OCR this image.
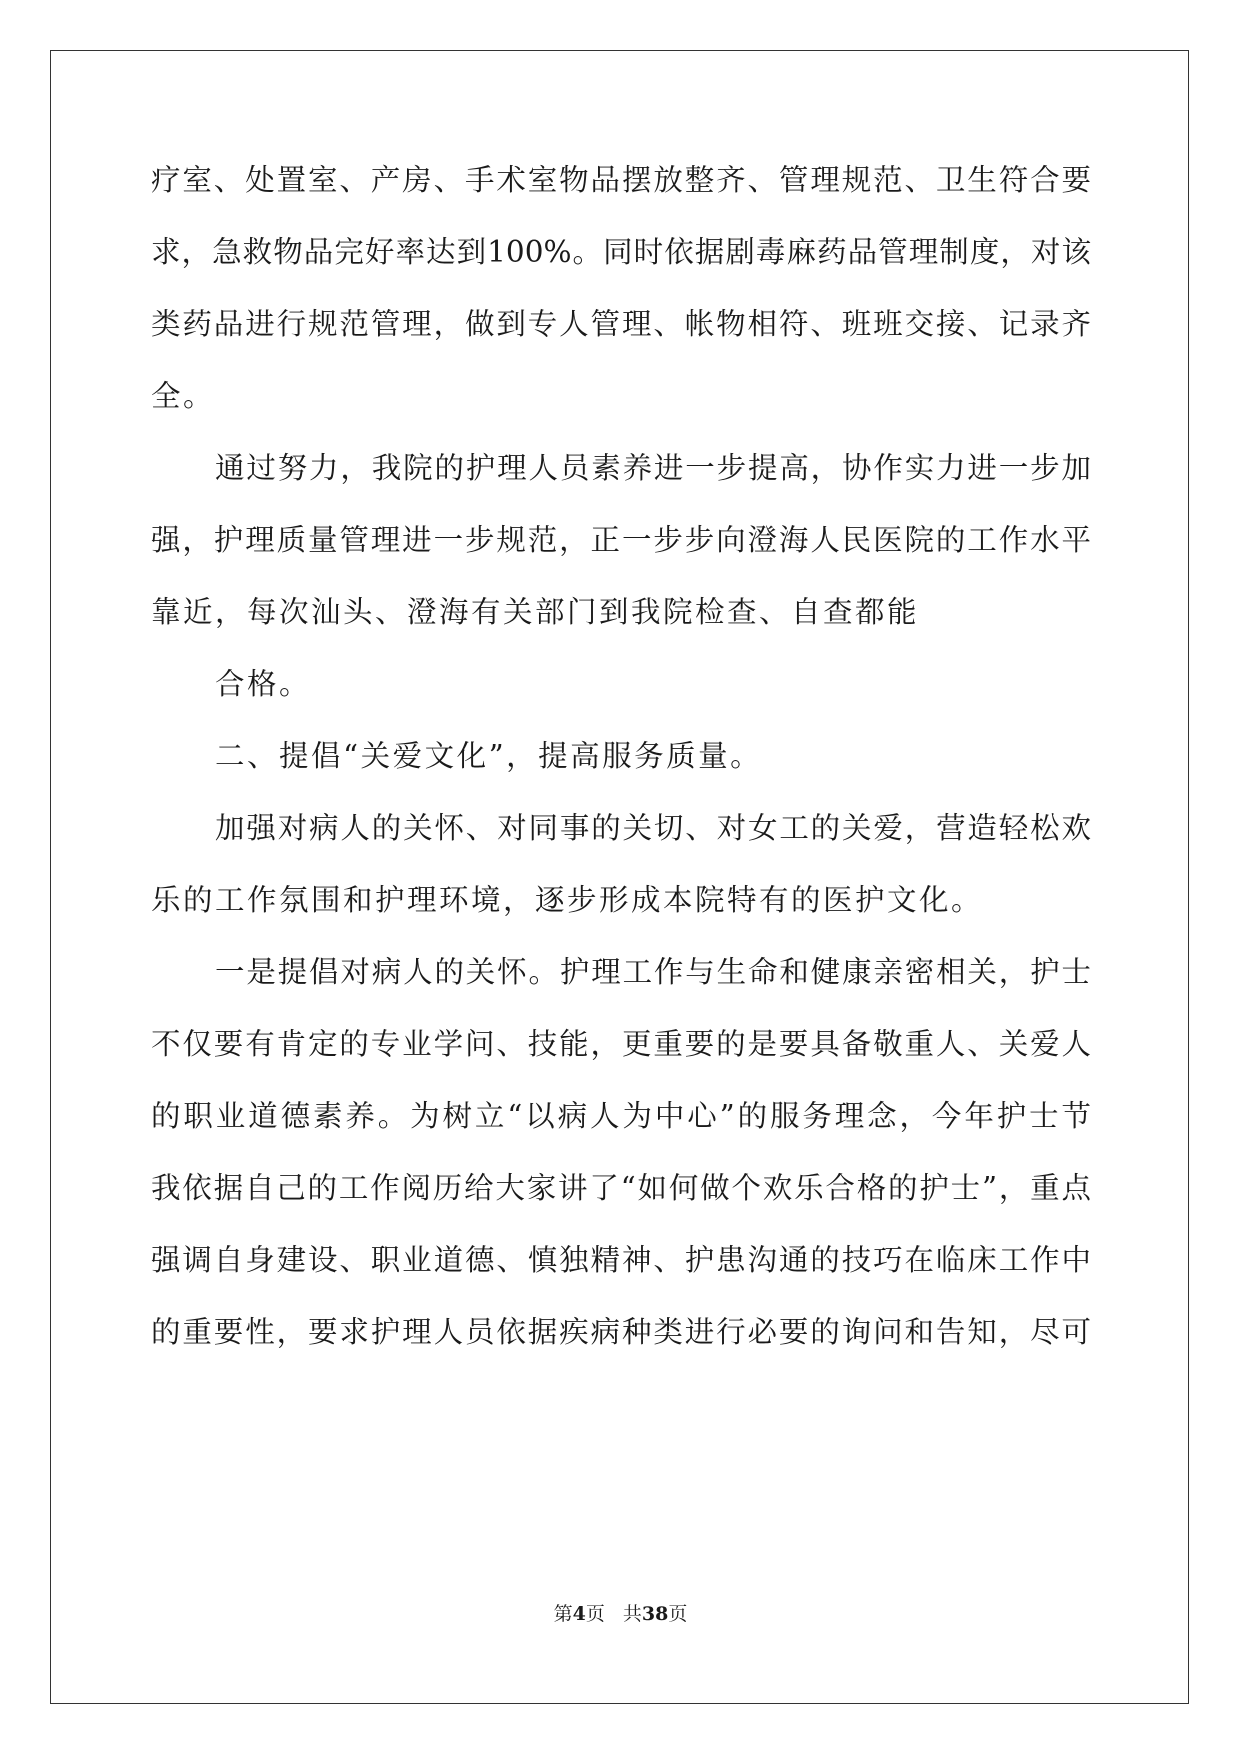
疗室、处置室、产房、手术室物品摆放整齐、管理规范、卫生符合要
求，急救物品完好率达到100%。同时依据剧毒麻药品管理制度，对该
类药品进行规范管理，做到专人管理、帐物相符、班班交接、记录齐
全。
通过努力，我院的护理人员素养进一步提高，协作实力进一步加
强，护理质量管理进一步规范，正一步步向澄海人民医院的工作水平
靠近，每次汕头、澄海有关部门到我院检查、自查都能
合格。
二、提倡“关爱文化”，提高服务质量。
加强对病人的关怀、对同事的关切、对女工的关爱，营造轻松欢
乐的工作氛围和护理环境，逐步形成本院特有的医护文化。
一是提倡对病人的关怀。护理工作与生命和健康亲密相关，护士
不仅要有肯定的专业学问、技能，更重要的是要具备敬重人、关爱人
的职业道德素养。为树立“以病人为中心”的服务理念，今年护士节
我依据自己的工作阅历给大家讲了“如何做个欢乐合格的护士”，重点
强调自身建设、职业道德、慎独精神、护患沟通的技巧在临床工作中
的重要性，要求护理人员依据疾病种类进行必要的询问和告知，尽可
第4页 共38页
